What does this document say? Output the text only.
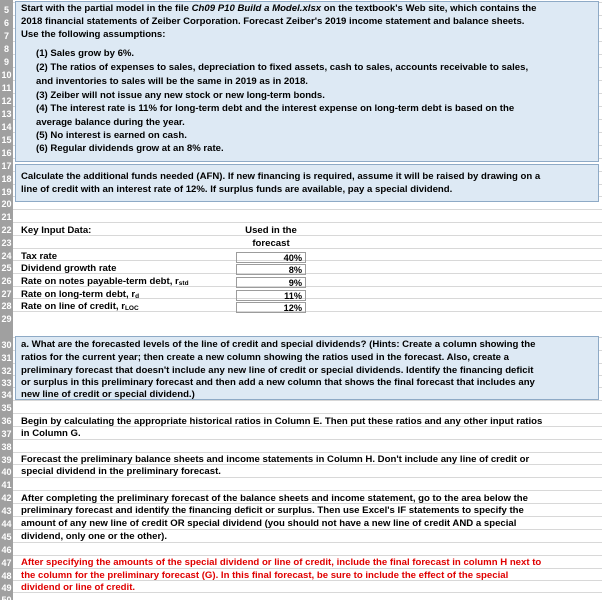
5
6
7
8
9
10
11
12
13
14
15
16
17
18
19
20
21
22
23
24
25
26
27
28
29
30
31
32
33
34
35
36
37
38
39
40
41
42
43
44
45
46
47
48
49
50
Start with the partial model in the file Ch09 P10 Build a Model.xlsx on the textbook's Web site, which contains the
2018 financial statements of Zeiber Corporation. Forecast Zeiber's 2019 income statement and balance sheets.
Use the following assumptions:
(1) Sales grow by 6%.
(2) The ratios of expenses to sales, depreciation to fixed assets, cash to sales, accounts receivable to sales,
and inventories to sales will be the same in 2019 as in 2018.
(3) Zeiber will not issue any new stock or new long-term bonds.
(4) The interest rate is 11% for long-term debt and the interest expense on long-term debt is based on the
average balance during the year.
(5) No interest is earned on cash.
(6) Regular dividends grow at an 8% rate.
Calculate the additional funds needed (AFN). If new financing is required, assume it will be raised by drawing on a
line of credit with an interest rate of 12%. If surplus funds are available, pay a special dividend.
Key Input Data:	Used in the
forecast
Tax rate	40%
Dividend growth rate	8%
Rate on notes payable-term debt, $r_{std}$	9%
Rate on long-term debt, $r_d$	11%
Rate on line of credit, $r_{LOC}$	12%
a. What are the forecasted levels of the line of credit and special dividends? (Hints: Create a column showing the
ratios for the current year; then create a new column showing the ratios used in the forecast. Also, create a
preliminary forecast that doesn't include any new line of credit or special dividends. Identify the financing deficit
or surplus in this preliminary forecast and then add a new column that shows the final forecast that includes any
new line of credit or special dividend.)
Begin by calculating the appropriate historical ratios in Column E. Then put these ratios and any other input ratios
in Column G.
Forecast the preliminary balance sheets and income statements in Column H. Don't include any line of credit or
special dividend in the preliminary forecast.
After completing the preliminary forecast of the balance sheets and income statement, go to the area below the
preliminary forecast and identify the financing deficit or surplus. Then use Excel's IF statements to specify the
amount of any new line of credit OR special dividend (you should not have a new line of credit AND a special
dividend, only one or the other).
After specifying the amounts of the special dividend or line of credit, include the final forecast in column H next to
the column for the preliminary forecast (G). In this final forecast, be sure to include the effect of the special
dividend or line of credit.
